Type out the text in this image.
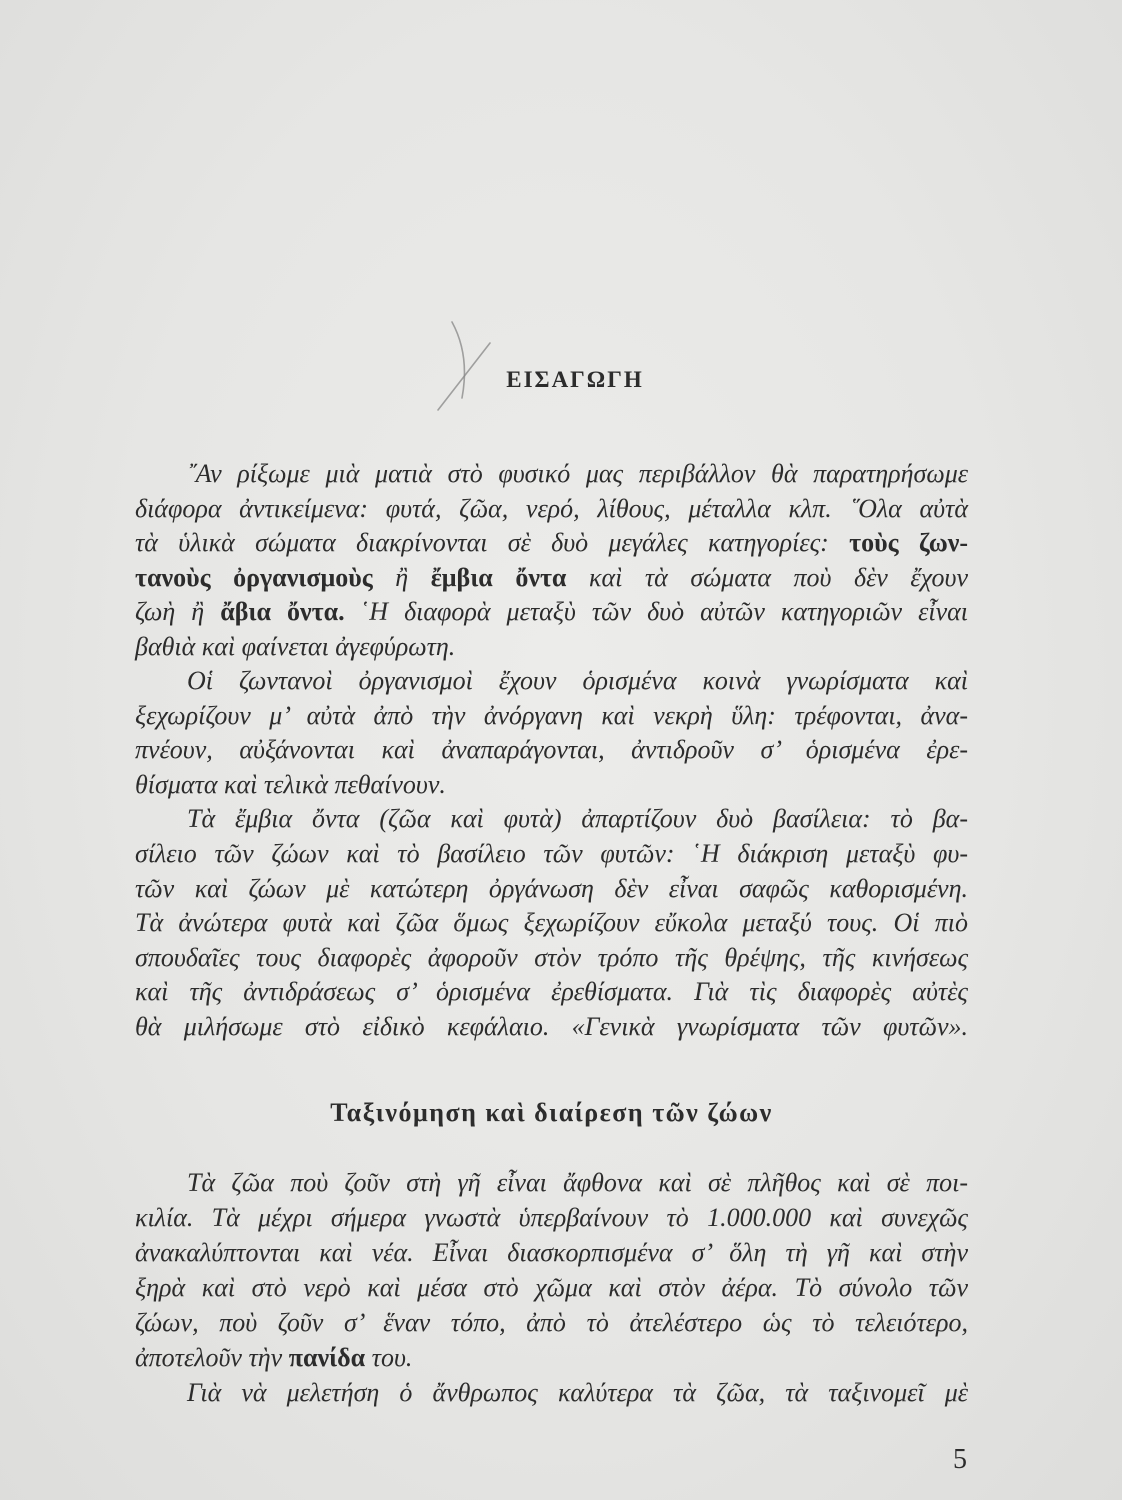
ΕΙΣΑΓΩΓΗ
῎Αν ρίξωμε μιὰ ματιὰ στὸ φυσικό μας περιβάλλον θὰ παρατηρήσωμε
διάφορα ἀντικείμενα: φυτά, ζῶα, νερό, λίθους, μέταλλα κλπ. ῞Ολα αὐτὰ
τὰ ὑλικὰ σώματα διακρίνονται σὲ δυὸ μεγάλες κατηγορίες: τοὺς ζων-
τανοὺς ὀργανισμοὺς ἢ ἔμβια ὄντα καὶ τὰ σώματα ποὺ δὲν ἔχουν
ζωὴ ἢ ἄβια ὄντα. ῾Η διαφορὰ μεταξὺ τῶν δυὸ αὐτῶν κατηγοριῶν εἶναι
βαθιὰ καὶ φαίνεται ἀγεφύρωτη.
Οἱ ζωντανοὶ ὀργανισμοὶ ἔχουν ὁρισμένα κοινὰ γνωρίσματα καὶ
ξεχωρίζουν μ’ αὐτὰ ἀπὸ τὴν ἀνόργανη καὶ νεκρὴ ὕλη: τρέφονται, ἀνα-
πνέουν, αὐξάνονται καὶ ἀναπαράγονται, ἀντιδροῦν σ’ ὁρισμένα ἐρε-
θίσματα καὶ τελικὰ πεθαίνουν.
Τὰ ἔμβια ὄντα (ζῶα καὶ φυτὰ) ἀπαρτίζουν δυὸ βασίλεια: τὸ βα-
σίλειο τῶν ζώων καὶ τὸ βασίλειο τῶν φυτῶν: ῾Η διάκριση μεταξὺ φυ-
τῶν καὶ ζώων μὲ κατώτερη ὀργάνωση δὲν εἶναι σαφῶς καθορισμένη.
Τὰ ἀνώτερα φυτὰ καὶ ζῶα ὅμως ξεχωρίζουν εὔκολα μεταξύ τους. Οἱ πιὸ
σπουδαῖες τους διαφορὲς ἀφοροῦν στὸν τρόπο τῆς θρέψης, τῆς κινήσεως
καὶ τῆς ἀντιδράσεως σ’ ὁρισμένα ἐρεθίσματα. Γιὰ τὶς διαφορὲς αὐτὲς
θὰ μιλήσωμε στὸ εἰδικὸ κεφάλαιο. «Γενικὰ γνωρίσματα τῶν φυτῶν».
Ταξινόμηση καὶ διαίρεση τῶν ζώων
Τὰ ζῶα ποὺ ζοῦν στὴ γῆ εἶναι ἄφθονα καὶ σὲ πλῆθος καὶ σὲ ποι-
κιλία. Τὰ μέχρι σήμερα γνωστὰ ὑπερβαίνουν τὸ 1.000.000 καὶ συνεχῶς
ἀνακαλύπτονται καὶ νέα. Εἶναι διασκορπισμένα σ’ ὅλη τὴ γῆ καὶ στὴν
ξηρὰ καὶ στὸ νερὸ καὶ μέσα στὸ χῶμα καὶ στὸν ἀέρα. Τὸ σύνολο τῶν
ζώων, ποὺ ζοῦν σ’ ἕναν τόπο, ἀπὸ τὸ ἀτελέστερο ὡς τὸ τελειότερο,
ἀποτελοῦν τὴν πανίδα του.
Γιὰ νὰ μελετήση ὁ ἄνθρωπος καλύτερα τὰ ζῶα, τὰ ταξινομεῖ μὲ
5
